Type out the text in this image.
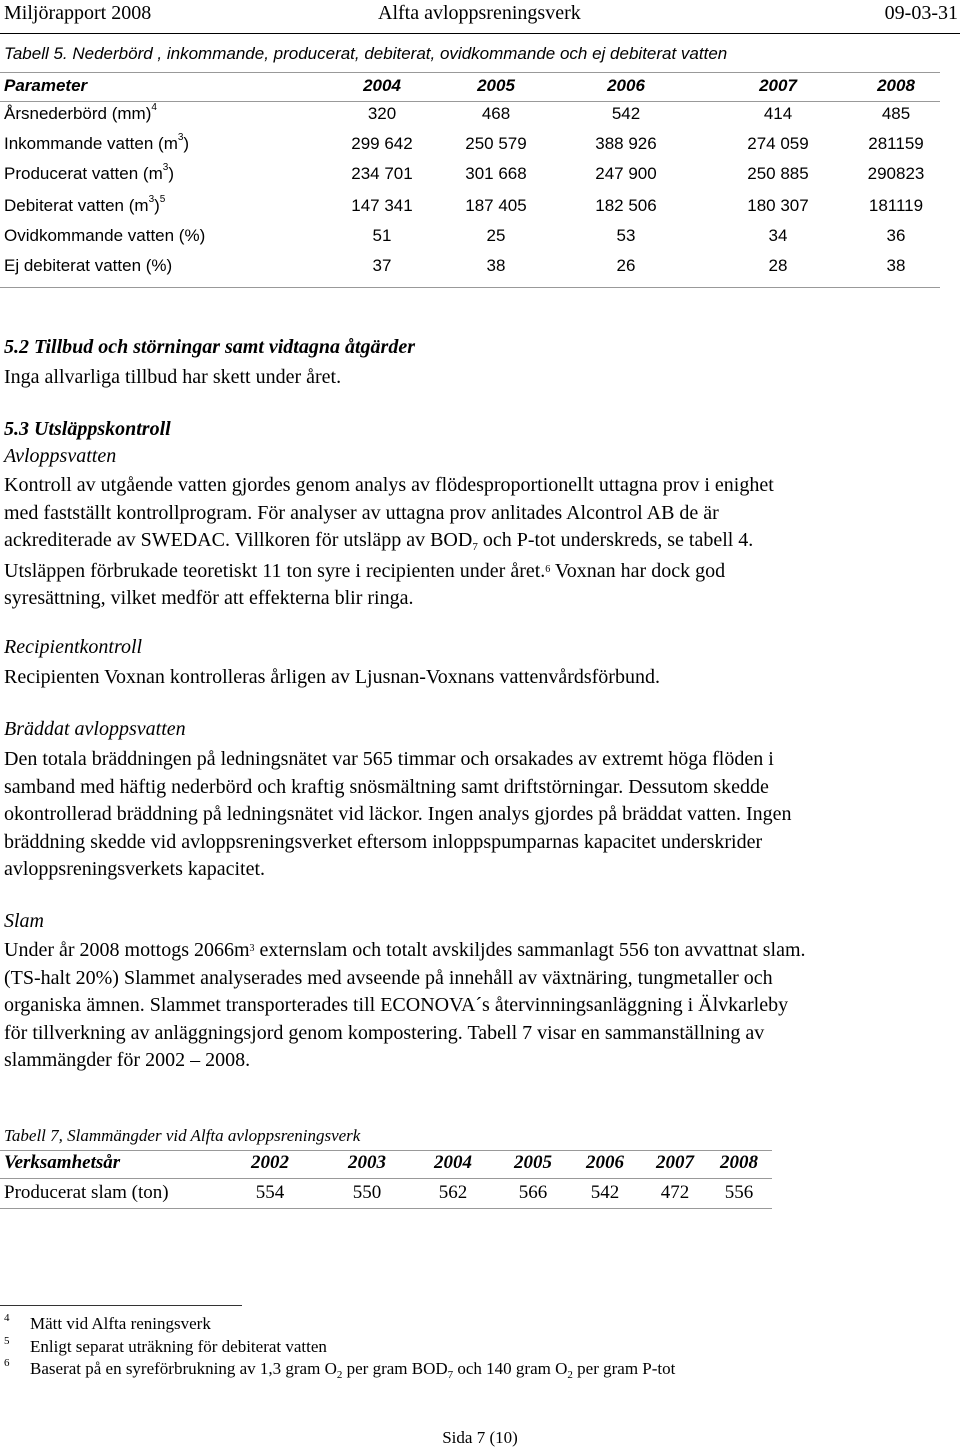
Miljörapport 2008	Alfta avloppsreningsverk	09-03-31
Tabell 5. Nederbörd , inkommande, producerat, debiterat, ovidkommande och ej debiterat vatten
Parameter	2004	2005	2006	2007	2008
Årsnederbörd (mm)$^4$	320	468	542	414	485
Inkommande vatten $(m^3)$	299 642	250 579	388 926	274 059	281159
Producerat vatten $(m^3)$	234 701	301 668	247 900	250 885	290823
Debiterat vatten $(m^3)^5$	147 341	187 405	182 506	180 307	181119
Ovidkommande vatten (%)	51	25	53	34	36
Ej debiterat vatten (%)	37	38	26	28	38
5.2 Tillbud och störningar samt vidtagna åtgärder
Inga allvarliga tillbud har skett under året.
5.3 Utsläppskontroll
Avloppsvatten
Kontroll av utgående vatten gjordes genom analys av flödesproportionellt uttagna prov i enighet
med fastställt kontrollprogram. För analyser av uttagna prov anlitades Alcontrol AB de är
ackrediterade av SWEDAC. Villkoren för utsläpp av $BOD_7$ och P-tot underskreds, se tabell 4.
Utsläppen förbrukade teoretiskt 11 ton syre i recipienten under året.$^6$ Voxnan har dock god
syresättning, vilket medför att effekterna blir ringa.
Recipientkontroll
Recipienten Voxnan kontrolleras årligen av Ljusnan-Voxnans vattenvårdsförbund.
Bräddat avloppsvatten
Den totala bräddningen på ledningsnätet var 565 timmar och orsakades av extremt höga flöden i
samband med häftig nederbörd och kraftig snösmältning samt driftstörningar. Dessutom skedde
okontrollerad bräddning på ledningsnätet vid läckor. Ingen analys gjordes på bräddat vatten. Ingen
bräddning skedde vid avloppsreningsverket eftersom inloppspumparnas kapacitet underskrider
avloppsreningsverkets kapacitet.
Slam
Under år 2008 mottogs $2066m^3$ externslam och totalt avskiljdes sammanlagt 556 ton avvattnat slam.
(TS-halt 20%) Slammet analyserades med avseende på innehåll av växtnäring, tungmetaller och
organiska ämnen. Slammet transporterades till ECONOVA´s återvinningsanläggning i Älvkarleby
för tillverkning av anläggningsjord genom kompostering. Tabell 7 visar en sammanställning av
slammängder för 2002 – 2008.
Tabell 7, Slammängder vid Alfta avloppsreningsverk
Verksamhetsår	2002	2003	2004	2005	2006	2007	2008
Producerat slam (ton)	554	550	562	566	542	472	556
4 Mätt vid Alfta reningsverk
5 Enligt separat uträkning för debiterat vatten
6 Baserat på en syreförbrukning av 1,3 gram $O_2$ per gram $BOD_7$ och 140 gram $O_2$ per gram P-tot
Sida 7 (10)
